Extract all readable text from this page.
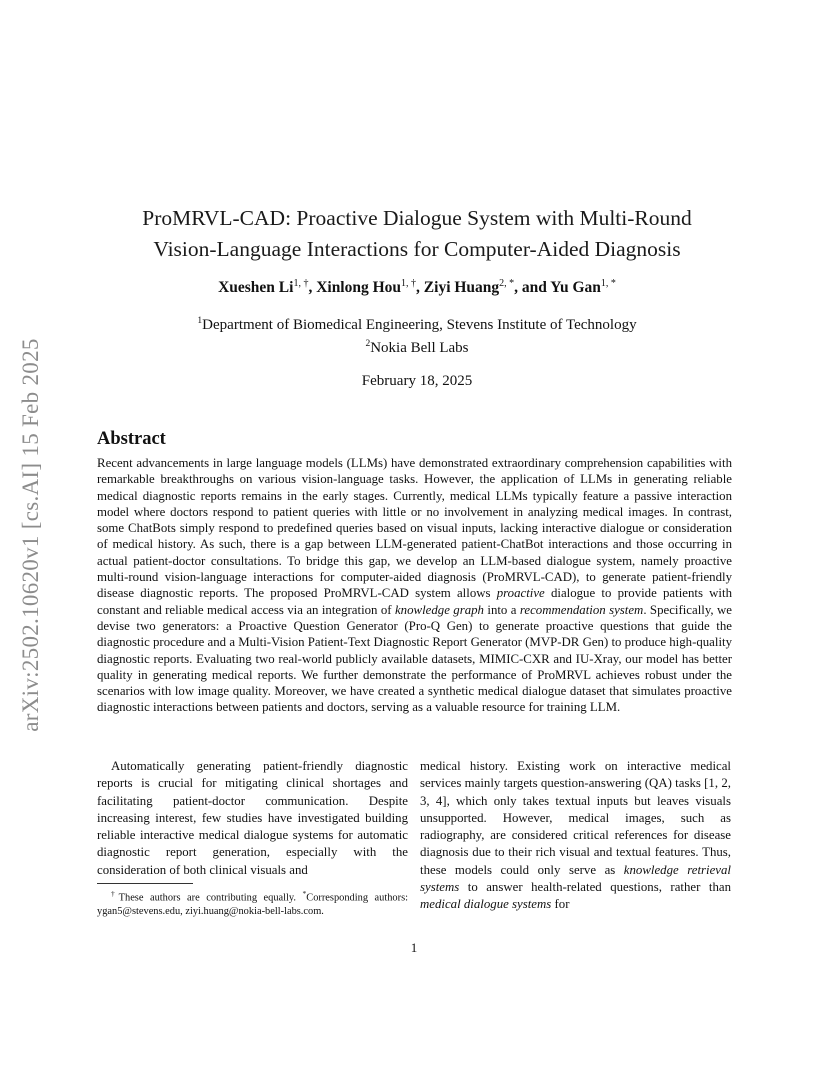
arXiv:2502.10620v1 [cs.AI] 15 Feb 2025
ProMRVL-CAD: Proactive Dialogue System with Multi-Round
Vision-Language Interactions for Computer-Aided Diagnosis
Xueshen $Li^{1, \dagger}$, Xinlong Hou$^{1, \dagger}$, Ziyi Huang$^{2, *}$, and Yu Gan$^{1, *}$
$^1$Department of Biomedical Engineering, Stevens Institute of Technology
$^2$Nokia Bell Labs
February 18, 2025
Abstract

Recent advancements in large language models (LLMs) have demonstrated extraordinary comprehension capabilities with remarkable breakthroughs on various vision-language tasks. However, the application of LLMs in generating reliable medical diagnostic reports remains in the early stages. Currently, medical LLMs typically feature a passive interaction model where doctors respond to patient queries with little or no involvement in analyzing medical images. In contrast, some ChatBots simply respond to predefined queries based on visual inputs, lacking interactive dialogue or consideration of medical history. As such, there is a gap between LLM-generated patient-ChatBot interactions and those occurring in actual patient-doctor consultations. To bridge this gap, we develop an LLM-based dialogue system, namely proactive multi-round vision-language interactions for computer-aided diagnosis (ProMRVL-CAD), to generate patient-friendly disease diagnostic reports. The proposed ProMRVL-CAD system allows proactive dialogue to provide patients with constant and reliable medical access via an integration of knowledge graph into a recommendation system. Specifically, we devise two generators: a Proactive Question Generator (Pro-Q Gen) to generate proactive questions that guide the diagnostic procedure and a Multi-Vision Patient-Text Diagnostic Report Generator (MVP-DR Gen) to produce high-quality diagnostic reports. Evaluating two real-world publicly available datasets, MIMIC-CXR and IU-Xray, our model has better quality in generating medical reports. We further demonstrate the performance of ProMRVL achieves robust under the scenarios with low image quality. Moreover, we have created a synthetic medical dialogue dataset that simulates proactive diagnostic interactions between patients and doctors, serving as a valuable resource for training LLM.

Automatically generating patient-friendly diagnostic reports is crucial for mitigating clinical shortages and facilitating patient-doctor communication. Despite increasing interest, few studies have investigated building reliable interactive medical dialogue systems for automatic diagnostic report generation, especially with the consideration of both clinical visuals and

medical history. Existing work on interactive medical services mainly targets question-answering (QA) tasks [1, 2, 3, 4], which only takes textual inputs but leaves visuals unsupported. However, medical images, such as radiography, are considered critical references for disease diagnosis due to their rich visual and textual features. Thus, these models could only serve as knowledge retrieval systems to answer health-related questions, rather than medical dialogue systems for

†These authors are contributing equally. *Corresponding authors: ygan5@stevens.edu, ziyi.huang@nokia-bell-labs.com.
1
